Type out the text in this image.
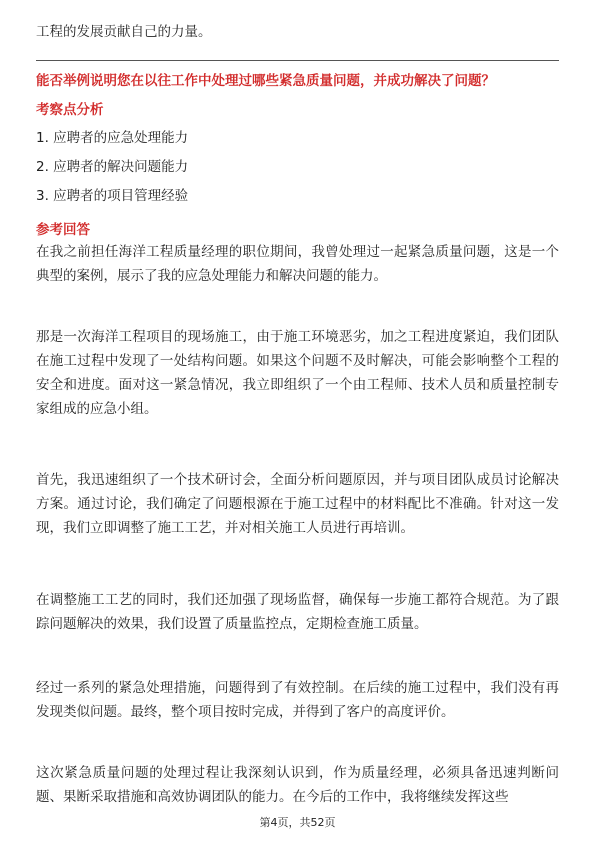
工程的发展贡献自己的力量。
能否举例说明您在以往工作中处理过哪些紧急质量问题，并成功解决了问题？
考察点分析
1. 应聘者的应急处理能力
2. 应聘者的解决问题能力
3. 应聘者的项目管理经验
参考回答

在我之前担任海洋工程质量经理的职位期间，我曾处理过一起紧急质量问题，这是一个典型的案例，展示了我的应急处理能力和解决问题的能力。

那是一次海洋工程项目的现场施工，由于施工环境恶劣，加之工程进度紧迫，我们团队在施工过程中发现了一处结构问题。如果这个问题不及时解决，可能会影响整个工程的安全和进度。面对这一紧急情况，我立即组织了一个由工程师、技术人员和质量控制专家组成的应急小组。

首先，我迅速组织了一个技术研讨会，全面分析问题原因，并与项目团队成员讨论解决方案。通过讨论，我们确定了问题根源在于施工过程中的材料配比不准确。针对这一发现，我们立即调整了施工工艺，并对相关施工人员进行再培训。

在调整施工工艺的同时，我们还加强了现场监督，确保每一步施工都符合规范。为了跟踪问题解决的效果，我们设置了质量监控点，定期检查施工质量。

经过一系列的紧急处理措施，问题得到了有效控制。在后续的施工过程中，我们没有再发现类似问题。最终，整个项目按时完成，并得到了客户的高度评价。

这次紧急质量问题的处理过程让我深刻认识到，作为质量经理，必须具备迅速判断问题、果断采取措施和高效协调团队的能力。在今后的工作中，我将继续发挥这些

第4页，共52页
